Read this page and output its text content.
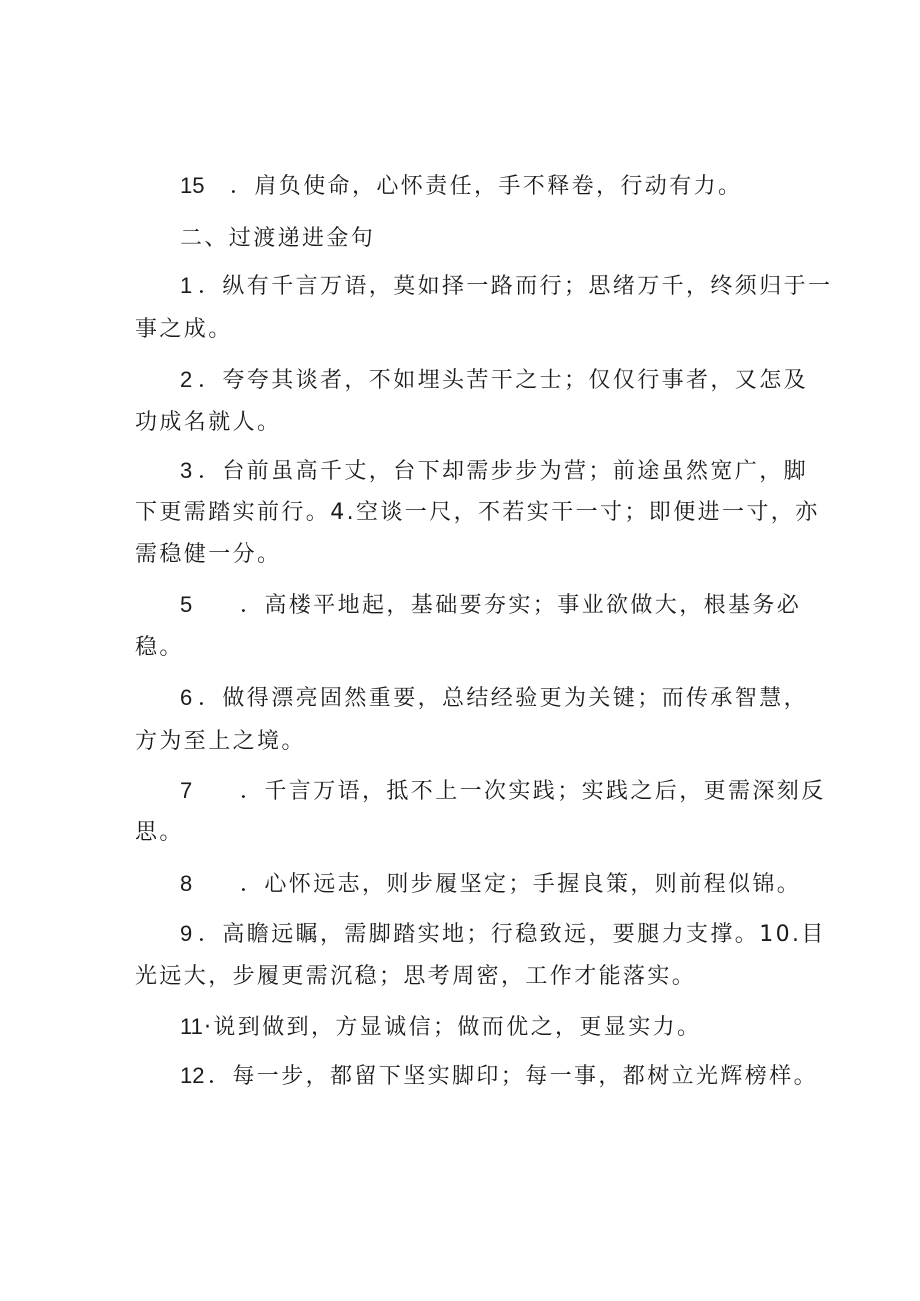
15 ．肩负使命，心怀责任，手不释卷，行动有力。
二、过渡递进金句
1 ．纵有千言万语，莫如择一路而行；思绪万千，终须归于一
事之成。
2 ．夸夸其谈者，不如埋头苦干之士；仅仅行事者，又怎及
功成名就人。
3 ．台前虽高千丈，台下却需步步为营；前途虽然宽广，脚
下更需踏实前行。4.空谈一尺，不若实干一寸；即便进一寸，亦
需稳健一分。
5 ．高楼平地起，基础要夯实；事业欲做大，根基务必
稳。
6 ．做得漂亮固然重要，总结经验更为关键；而传承智慧，
方为至上之境。
7 ．千言万语，抵不上一次实践；实践之后，更需深刻反
思。
8 ．心怀远志，则步履坚定；手握良策，则前程似锦。
9 ．高瞻远瞩，需脚踏实地；行稳致远，要腿力支撑。10.目
光远大，步履更需沉稳；思考周密，工作才能落实。
11·说到做到，方显诚信；做而优之，更显实力。
12 ．每一步，都留下坚实脚印；每一事，都树立光辉榜样。
